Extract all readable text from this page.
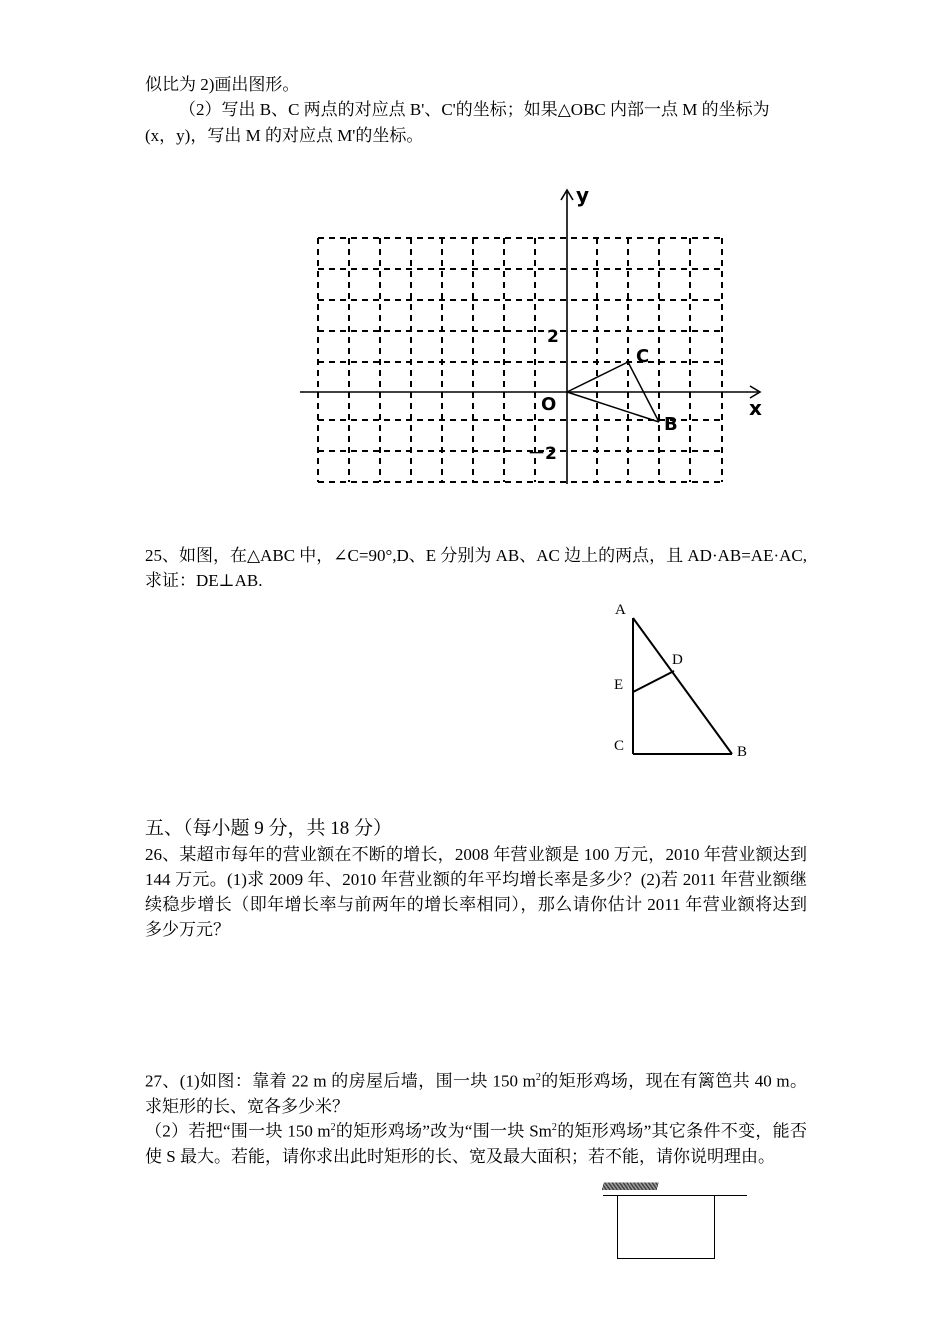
似比为 2)画出图形。

（2）写出 B、C 两点的对应点 B'、C'的坐标；如果△OBC 内部一点 M 的坐标为

(x，y)，写出 M 的对应点 M'的坐标。

y
x
O
2
－2
C
B

25、如图，在△ABC 中，∠C=90°,D、E 分别为 AB、AC 边上的两点，且 AD·AB=AE·AC,求证：DE⊥AB.

A
D
E
C	B

五、（每小题 9 分，共 18 分）

26、某超市每年的营业额在不断的增长，2008 年营业额是 100 万元，2010 年营业额达到 144 万元。(1)求 2009 年、2010 年营业额的年平均增长率是多少？(2)若 2011 年营业额继续稳步增长（即年增长率与前两年的增长率相同），那么请你估计 2011 年营业额将达到多少万元？

27、(1)如图：靠着 22 m 的房屋后墙，围一块 150 $m^2$的矩形鸡场，现在有篱笆共 40 m。求矩形的长、宽各多少米？

（2）若把“围一块 150 $m^2$的矩形鸡场”改为“围一块 Sm$^2$的矩形鸡场”其它条件不变，能否使 S 最大。若能，请你求出此时矩形的长、宽及最大面积；若不能，请你说明理由。

////////////////////////////////////////
